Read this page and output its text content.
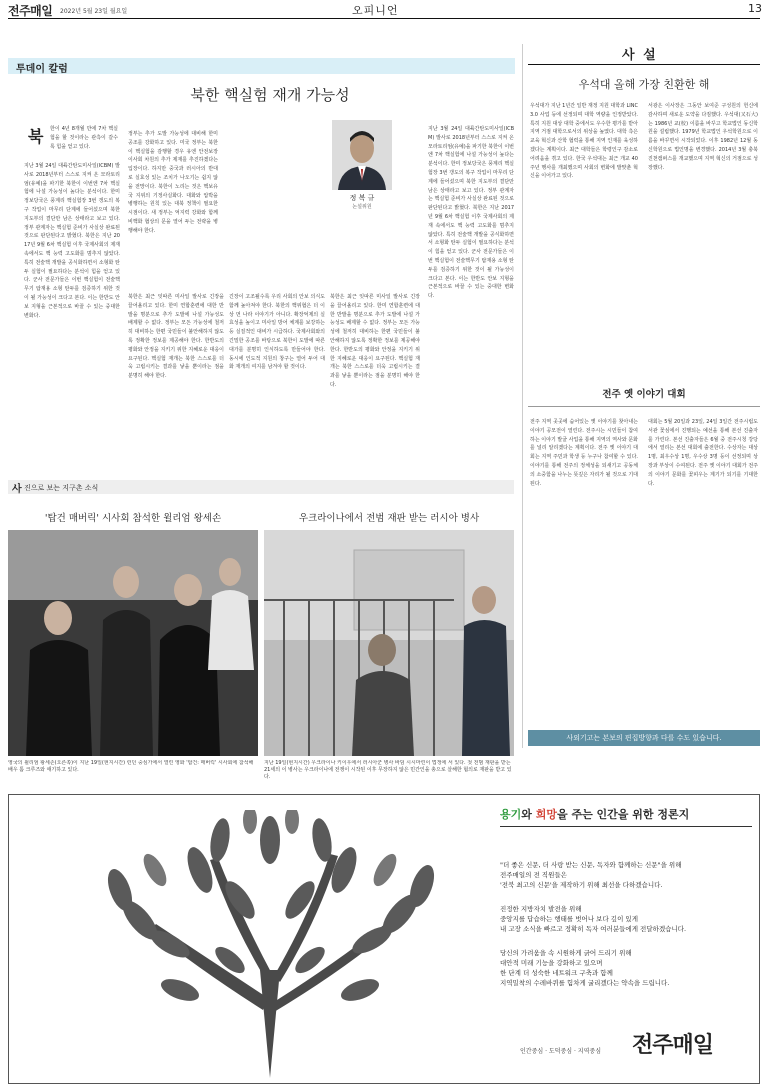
전주매일 2022년 5월 23일 월요일	오피니언	13
투데이 칼럼
북한 핵실험 재개 가능성
정 복 규
논설위원
북 한이 4년 8개월 만에 7차 핵실험을 할 것이라는 관측이 갈수록 힘을 얻고 있다.
지난 3월 24일 대륙간탄도미사일(ICBM) 발사로 2018년부터 스스로 지켜 온 모라토리엄(유예)을 파기한 북한이 이번엔 7차 핵실험에 나설 가능성이 높다는 분석이다. 한미 정보당국은 풍계리 핵실험장 3번 갱도의 복구 작업이 마무리 단계에 들어섰으며 북한 지도부의 결단만 남은 상태라고 보고 있다. 정부 관계자는 핵실험 준비가 사실상 완료된 것으로 판단된다고 밝혔다. 북한은 지난 2017년 9월 6차 핵실험 이후 국제사회의 제재 속에서도 핵 능력 고도화를 멈추지 않았다. 특히 전술핵 개발을 공식화하면서 소형화 탄두 실험이 필요하다는 분석이 힘을 얻고 있다. 군사 전문가들은 이번 핵실험이 전술핵무기 탑재용 소형 탄두를 검증하기 위한 것이 될 가능성이 크다고 본다. 이는 한반도 안보 지형을 근본적으로 바꿀 수 있는 중대한 변화다.
정부는 추가 도발 가능성에 대비해 한미 공조를 강화하고 있다. 미국 정부는 북한이 핵실험을 감행할 경우 유엔 안전보장이사회 차원의 추가 제재를 추진하겠다는 입장이다. 하지만 중국과 러시아의 반대로 실효성 있는 조치가 나오기는 쉽지 않을 전망이다. 북한이 노리는 것은 핵보유국 지위의 기정사실화다. 대화와 압박을 병행하는 원칙 있는 대북 정책이 필요한 시점이다. 새 정부는 억지력 강화와 함께 비핵화 협상의 문을 열어 두는 전략을 병행해야 한다.
긴장이 고조될수록 우리 사회의 안보 의식도 함께 높아져야 한다. 북한의 핵위협은 더 이상 먼 나라 이야기가 아니다. 확장억제의 실효성을 높이고 미사일 방어 체계를 보강하는 등 실질적인 대비가 시급하다. 국제사회와의 긴밀한 공조를 바탕으로 북한이 도발에 따른 대가를 분명히 인식하도록 만들어야 한다. 동시에 인도적 지원의 창구는 열어 두어 대화 재개의 여지를 남겨야 할 것이다.
북한은 최근 잇따른 미사일 발사로 긴장을 끌어올리고 있다. 한미 연합훈련에 대한 반발을 명분으로 추가 도발에 나설 가능성도 배제할 수 없다. 정부는 모든 가능성에 철저히 대비하는 한편 국민들이 불안해하지 않도록 정확한 정보를 제공해야 한다. 한반도의 평화와 안정을 지키기 위한 지혜로운 대응이 요구된다. 핵실험 재개는 북한 스스로를 더욱 고립시키는 결과를 낳을 뿐이라는 점을 분명히 해야 한다.
북한은 최근 잇따른 미사일 발사로 긴장을 끌어올리고 있다. 한미 연합훈련에 대한 반발을 명분으로 추가 도발에 나설 가능성도 배제할 수 없다. 정부는 모든 가능성에 철저히 대비하는 한편 국민들이 불안해하지 않도록 정확한 정보를 제공해야 한다. 한반도의 평화와 안정을 지키기 위한 지혜로운 대응이 요구된다. 핵실험 재개는 북한 스스로를 더욱 고립시키는 결과를 낳을 뿐이라는 점을 분명히 해야 한다.
지난 3월 24일 대륙간탄도미사일(ICBM) 발사로 2018년부터 스스로 지켜 온 모라토리엄(유예)을 파기한 북한이 이번엔 7차 핵실험에 나설 가능성이 높다는 분석이다. 한미 정보당국은 풍계리 핵실험장 3번 갱도의 복구 작업이 마무리 단계에 들어섰으며 북한 지도부의 결단만 남은 상태라고 보고 있다. 정부 관계자는 핵실험 준비가 사실상 완료된 것으로 판단된다고 밝혔다. 북한은 지난 2017년 9월 6차 핵실험 이후 국제사회의 제재 속에서도 핵 능력 고도화를 멈추지 않았다. 특히 전술핵 개발을 공식화하면서 소형화 탄두 실험이 필요하다는 분석이 힘을 얻고 있다. 군사 전문가들은 이번 핵실험이 전술핵무기 탑재용 소형 탄두를 검증하기 위한 것이 될 가능성이 크다고 본다. 이는 한반도 안보 지형을 근본적으로 바꿀 수 있는 중대한 변화다.
사 설
우석대 올해 가장 친환한 해
우석대가 지난 1년간 일반 재정 지원 대학과 LINC 3.0 사업 등에 선정되며 대학 역량을 인정받았다. 특히 지원 대상 대학 중에서도 우수한 평가를 받아 지역 거점 대학으로서의 위상을 높였다. 대학 측은 교육 혁신과 산학 협력을 통해 지역 인재를 육성하겠다는 계획이다. 최근 대학들은 학령인구 감소로 어려움을 겪고 있다. 한국 우석대는 최근 개교 40주년 행사를 개최했으며 사회의 변화에 발맞춘 혁신을 이어가고 있다.
서광은 이사장은 그동안 보여준 구성원의 헌신에 감사하며 새로운 도약을 다짐했다. 우석대(又石大)는 1986년 교(校) 이름을 바꾸고 학교법인 동신학원을 설립했다. 1979년 학교법인 우석학원으로 이름을 바꾸면서 시작되었다. 이후 1982년 12월 동신학원으로 법인명을 변경했다. 2014년 3월 충북 진천캠퍼스를 개교했으며 지역 혁신의 거점으로 성장했다.
전주 옛 이야기 대회
전주 지역 곳곳에 숨어있는 옛 이야기를 찾아내는 이야기 공모전이 열린다. 전주시는 시민들이 참여하는 이야기 발굴 사업을 통해 지역의 역사와 문화를 널리 알리겠다는 계획이다. 전주 옛 이야기 대회는 지역 주민과 학생 등 누구나 참여할 수 있다. 이야기를 통해 전주의 정체성을 되새기고 공동체의 소중함을 나누는 뜻깊은 자리가 될 것으로 기대된다.
대회는 5월 20일과 23일, 24일 3일간 전주시립도서관 꽃심에서 진행되는 예선을 통해 본선 진출자를 가린다. 본선 진출자들은 6월 중 전주시청 강당에서 열리는 본선 대회에 출전한다. 수상자는 대상 1명, 최우수상 1명, 우수상 3명 등이 선정되며 상장과 부상이 수여된다. 전주 옛 이야기 대회가 전주의 이야기 문화를 꽃피우는 계기가 되기를 기대한다.
사외기고는 본보의 편집방향과 다를 수도 있습니다.
사 진으로 보는 지구촌 소식
'탑건 매버릭' 시사회 참석한 윌리엄 왕세손
영국의 윌리엄 왕세손(오른쪽)이 지난 19일(현지시간) 런던 중심가에서 열린 영화 '탑건: 매버릭' 시사회에 참석해 배우 톰 크루즈와 얘기하고 있다.
우크라이나에서 전범 재판 받는 러시아 병사
지난 19일(현지시간) 우크라이나 키이우에서 러시아군 병사 바딤 시시마린이 법정에 서 있다. 첫 전범 재판을 받는 21세의 이 병사는 우크라이나에 전쟁이 시작된 이후 무장하지 않은 민간인을 총으로 살해한 혐의로 재판을 받고 있다.
용기와 희망을 주는 인간을 위한 정론지
"더 좋은 신문, 더 사랑 받는 신문, 독자와 함께하는 신문"을 위해
전주매일의 전 직원들은
'전북 최고의 신문'을 제작하기 위해 최선을 다하겠습니다.
진정한 지방자치 발전을 위해
중앙지를 답습하는 행태를 벗어나 보다 깊이 있게
내 고장 소식을 빠르고 정확히 독자 여러분들에게 전달하겠습니다.
당신의 가려움을 속 시원하게 긁어 드리기 위해
대안적 미래 기능을 강화하고 있으며
한 단계 더 성숙한 네트워크 구축과 함께
지역밀착의 수레바퀴를 힘차게 굴리겠다는 약속을 드립니다.
인간중심 · 도덕중심 · 지역중심 전주매일
